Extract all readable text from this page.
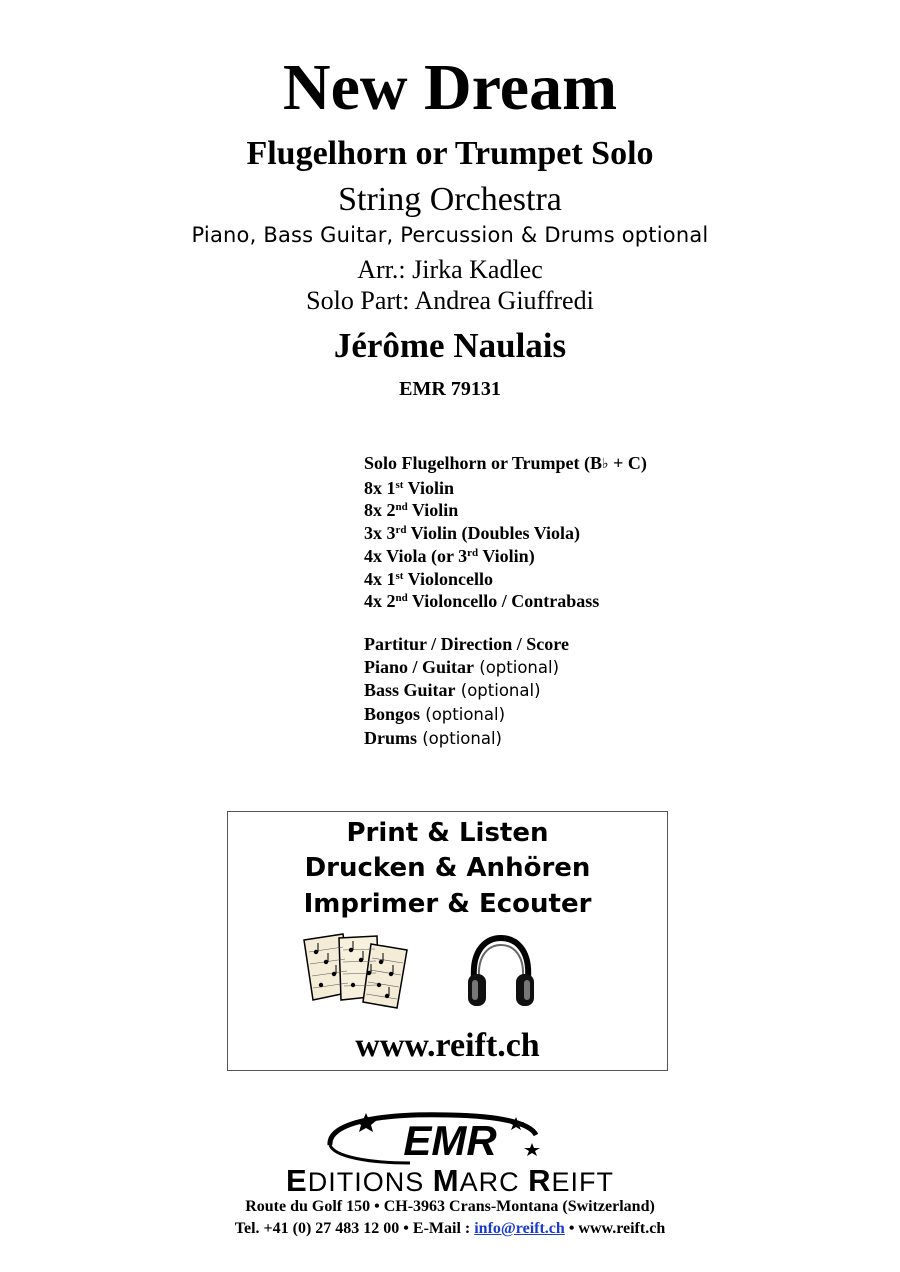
New Dream
Flugelhorn or Trumpet Solo
String Orchestra
Piano, Bass Guitar, Percussion & Drums optional
Arr.: Jirka Kadlec
Solo Part: Andrea Giuffredi
Jérôme Naulais
EMR 79131
Solo Flugelhorn or Trumpet (B♭ + C)
8x 1st Violin
8x 2nd Violin
3x 3rd Violin (Doubles Viola)
4x Viola (or 3rd Violin)
4x 1st Violoncello
4x 2nd Violoncello / Contrabass
Partitur / Direction / Score
Piano / Guitar (optional)
Bass Guitar (optional)
Bongos (optional)
Drums (optional)
Print & Listen
Drucken & Anhören
Imprimer & Ecouter
www.reift.ch
EMR
EDITIONS MARC REIFT
Route du Golf 150 • CH-3963 Crans-Montana (Switzerland)
Tel. +41 (0) 27 483 12 00 • E-Mail : info@reift.ch • www.reift.ch
